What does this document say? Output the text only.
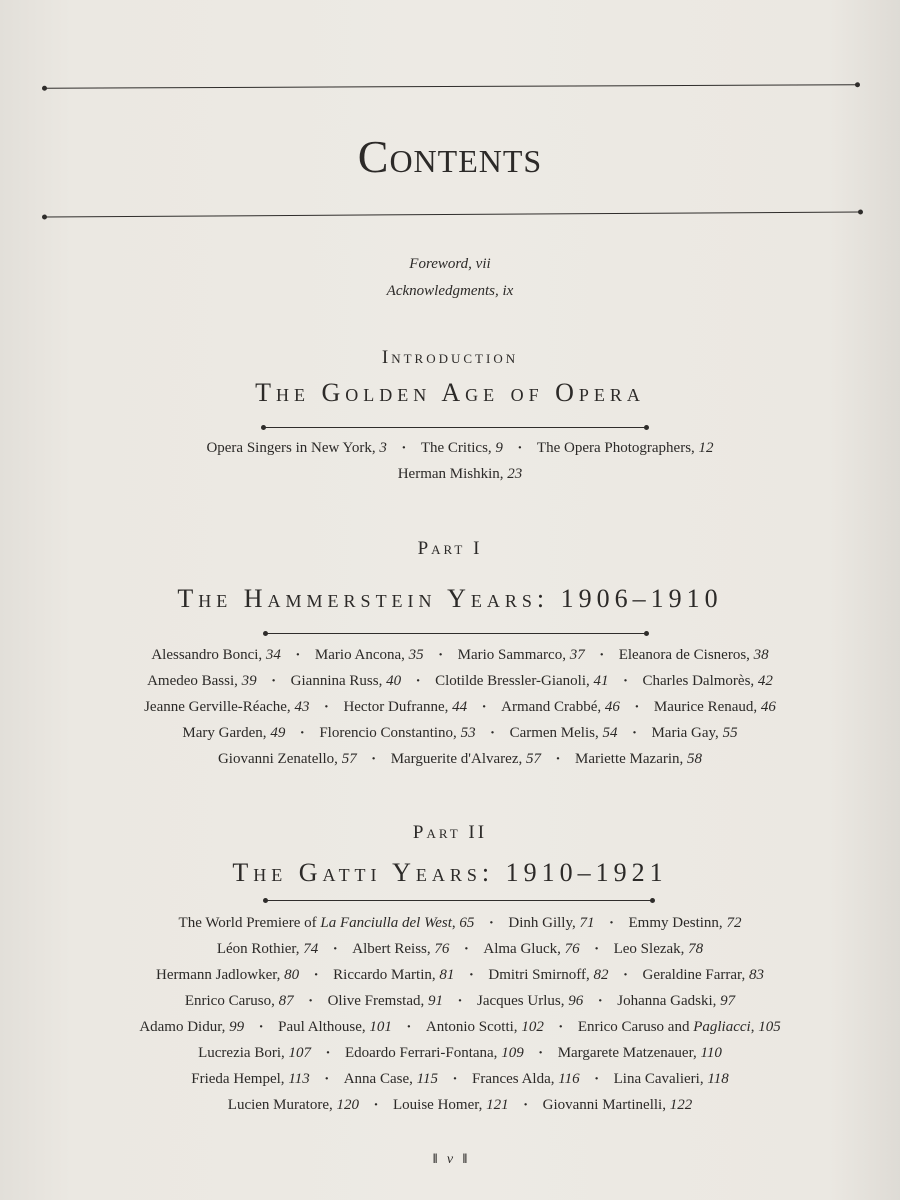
Contents
Foreword, vii
Acknowledgments, ix
Introduction
The Golden Age of Opera
Opera Singers in New York, 3 · The Critics, 9 · The Opera Photographers, 12
Herman Mishkin, 23
Part I
The Hammerstein Years: 1906–1910
Alessandro Bonci, 34 · Mario Ancona, 35 · Mario Sammarco, 37 · Eleanora de Cisneros, 38
Amedeo Bassi, 39 · Giannina Russ, 40 · Clotilde Bressler-Gianoli, 41 · Charles Dalmorès, 42
Jeanne Gerville-Réache, 43 · Hector Dufranne, 44 · Armand Crabbé, 46 · Maurice Renaud, 46
Mary Garden, 49 · Florencio Constantino, 53 · Carmen Melis, 54 · Maria Gay, 55
Giovanni Zenatello, 57 · Marguerite d'Alvarez, 57 · Mariette Mazarin, 58
Part II
The Gatti Years: 1910–1921
The World Premiere of La Fanciulla del West, 65 · Dinh Gilly, 71 · Emmy Destinn, 72
Léon Rothier, 74 · Albert Reiss, 76 · Alma Gluck, 76 · Leo Slezak, 78
Hermann Jadlowker, 80 · Riccardo Martin, 81 · Dmitri Smirnoff, 82 · Geraldine Farrar, 83
Enrico Caruso, 87 · Olive Fremstad, 91 · Jacques Urlus, 96 · Johanna Gadski, 97
Adamo Didur, 99 · Paul Althouse, 101 · Antonio Scotti, 102 · Enrico Caruso and Pagliacci, 105
Lucrezia Bori, 107 · Edoardo Ferrari-Fontana, 109 · Margarete Matzenauer, 110
Frieda Hempel, 113 · Anna Case, 115 · Frances Alda, 116 · Lina Cavalieri, 118
Lucien Muratore, 120 · Louise Homer, 121 · Giovanni Martinelli, 122
‖ v ‖
